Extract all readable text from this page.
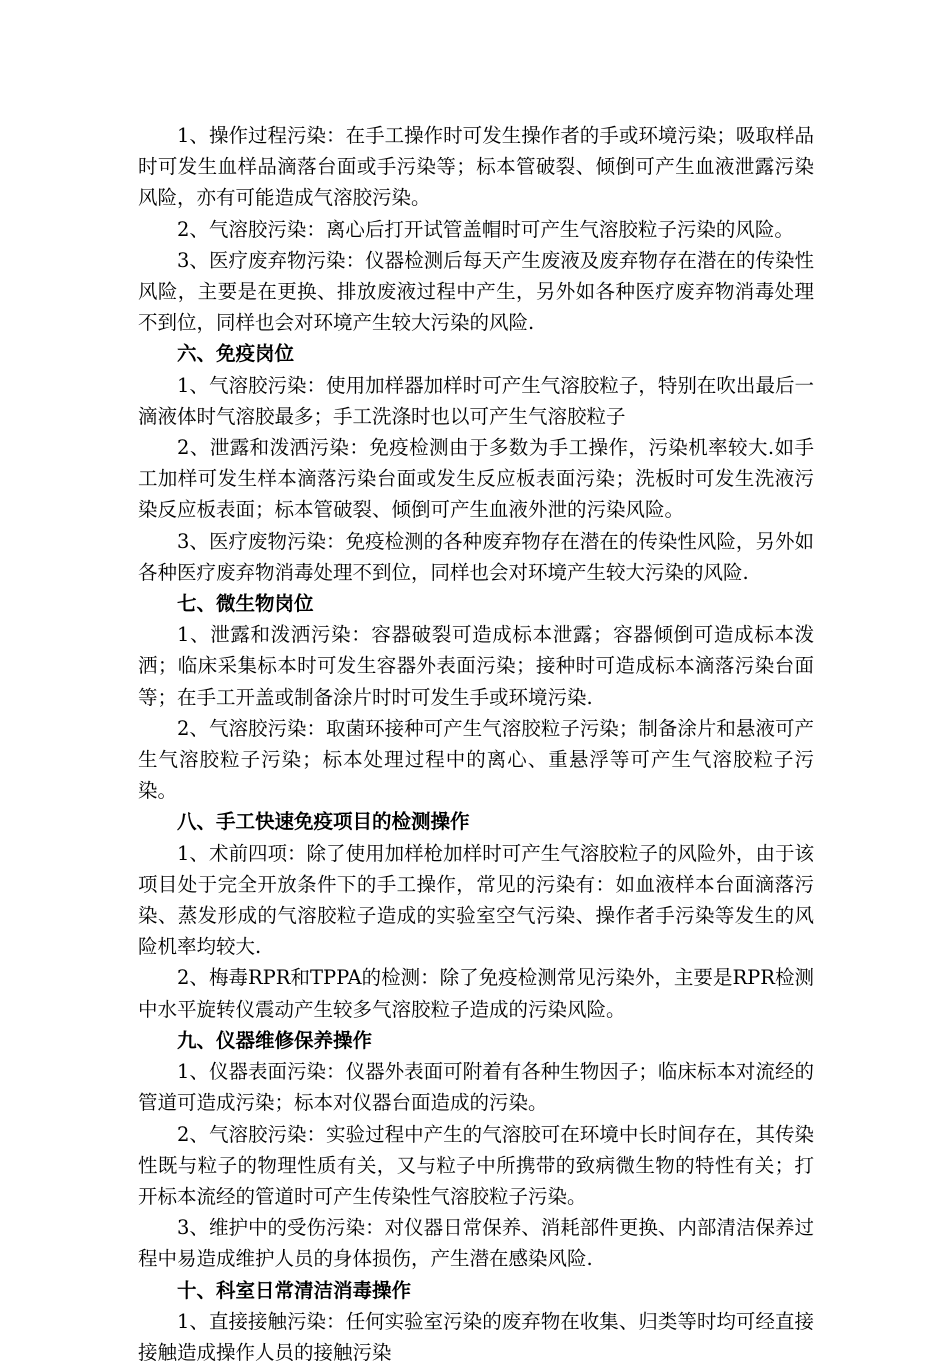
1、操作过程污染：在手工操作时可发生操作者的手或环境污染；吸取样品时可发生血样品滴落台面或手污染等；标本管破裂、倾倒可产生血液泄露污染风险，亦有可能造成气溶胶污染。

2、气溶胶污染：离心后打开试管盖帽时可产生气溶胶粒子污染的风险。

3、医疗废弃物污染：仪器检测后每天产生废液及废弃物存在潜在的传染性风险，主要是在更换、排放废液过程中产生，另外如各种医疗废弃物消毒处理不到位，同样也会对环境产生较大污染的风险.

六、免疫岗位

1、气溶胶污染：使用加样器加样时可产生气溶胶粒子，特别在吹出最后一滴液体时气溶胶最多；手工洗涤时也以可产生气溶胶粒子

2、泄露和泼洒污染：免疫检测由于多数为手工操作，污染机率较大.如手工加样可发生样本滴落污染台面或发生反应板表面污染；洗板时可发生洗液污染反应板表面；标本管破裂、倾倒可产生血液外泄的污染风险。

3、医疗废物污染：免疫检测的各种废弃物存在潜在的传染性风险，另外如各种医疗废弃物消毒处理不到位，同样也会对环境产生较大污染的风险.

七、微生物岗位

1、泄露和泼洒污染：容器破裂可造成标本泄露；容器倾倒可造成标本泼洒；临床采集标本时可发生容器外表面污染；接种时可造成标本滴落污染台面等；在手工开盖或制备涂片时时可发生手或环境污染.

2、气溶胶污染：取菌环接种可产生气溶胶粒子污染；制备涂片和悬液可产生气溶胶粒子污染；标本处理过程中的离心、重悬浮等可产生气溶胶粒子污染。

八、手工快速免疫项目的检测操作

1、术前四项：除了使用加样枪加样时可产生气溶胶粒子的风险外，由于该项目处于完全开放条件下的手工操作，常见的污染有：如血液样本台面滴落污染、蒸发形成的气溶胶粒子造成的实验室空气污染、操作者手污染等发生的风险机率均较大.

2、梅毒RPR和TPPA的检测：除了免疫检测常见污染外，主要是RPR检测中水平旋转仪震动产生较多气溶胶粒子造成的污染风险。

九、仪器维修保养操作

1、仪器表面污染：仪器外表面可附着有各种生物因子；临床标本对流经的管道可造成污染；标本对仪器台面造成的污染。

2、气溶胶污染：实验过程中产生的气溶胶可在环境中长时间存在，其传染性既与粒子的物理性质有关，又与粒子中所携带的致病微生物的特性有关；打开标本流经的管道时可产生传染性气溶胶粒子污染。

3、维护中的受伤污染：对仪器日常保养、消耗部件更换、内部清洁保养过程中易造成维护人员的身体损伤，产生潜在感染风险.

十、科室日常清洁消毒操作

1、直接接触污染：任何实验室污染的废弃物在收集、归类等时均可经直接接触造成操作人员的接触污染
